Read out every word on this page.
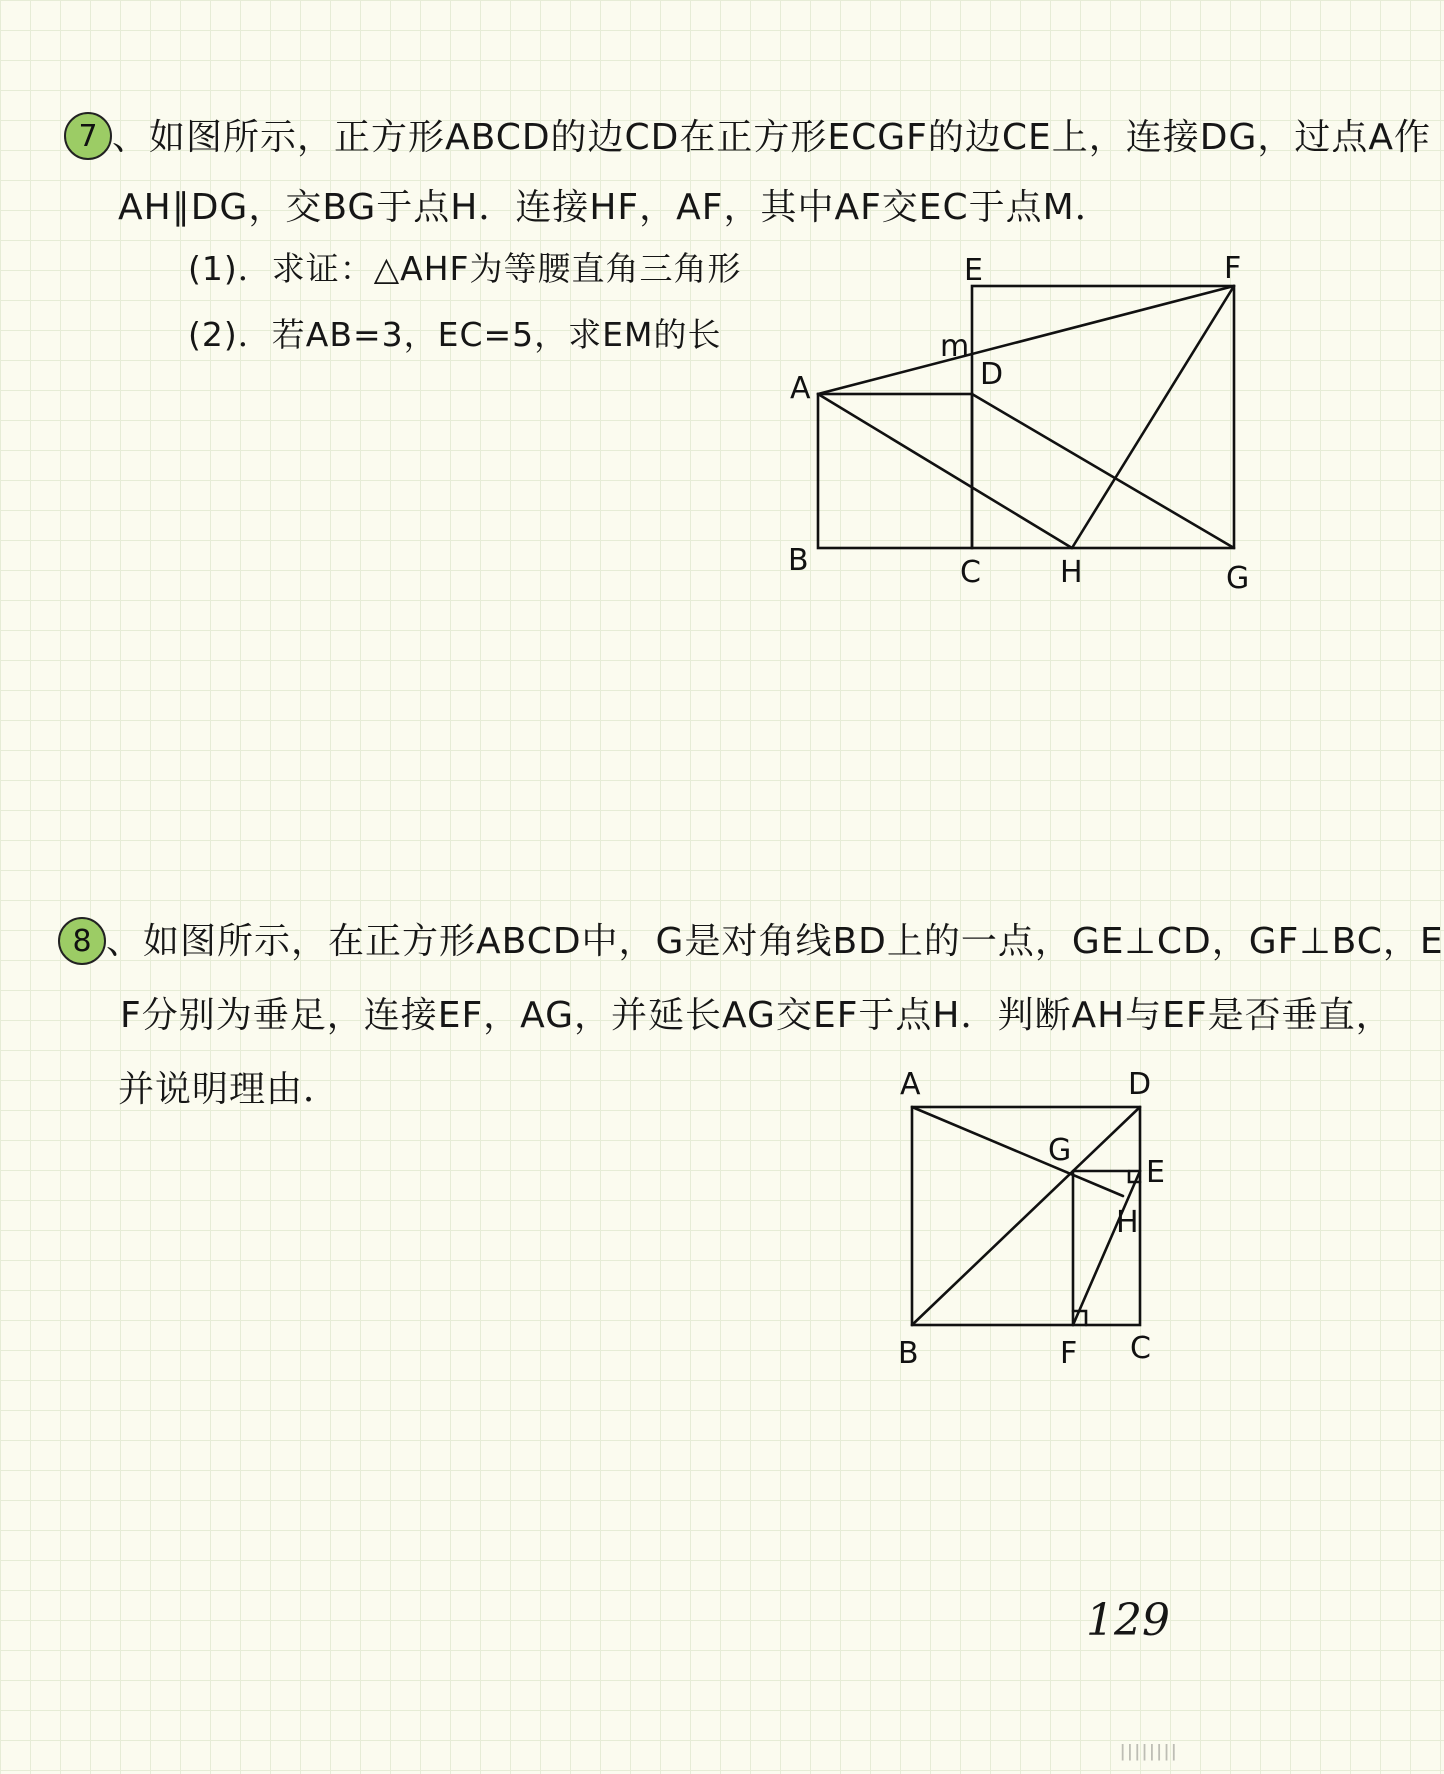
7 、如图所示，正方形ABCD的边CD在正方形ECGF的边CE上，连接DG，过点A作
AH∥DG，交BG于点H．连接HF，AF，其中AF交EC于点M．
(1)．求证：△AHF为等腰直角三角形
(2)．若AB=3，EC=5，求EM的长
A
B	C
D
E	F
G
H
m
8 、如图所示，在正方形ABCD中，G是对角线BD上的一点，GE⊥CD，GF⊥BC，E
F分别为垂足，连接EF，AG，并延长AG交EF于点H．判断AH与EF是否垂直，
并说明理由．	A	D
B	F C
G
E
H
129
ǀǀǀǀǀǀǀǀ
